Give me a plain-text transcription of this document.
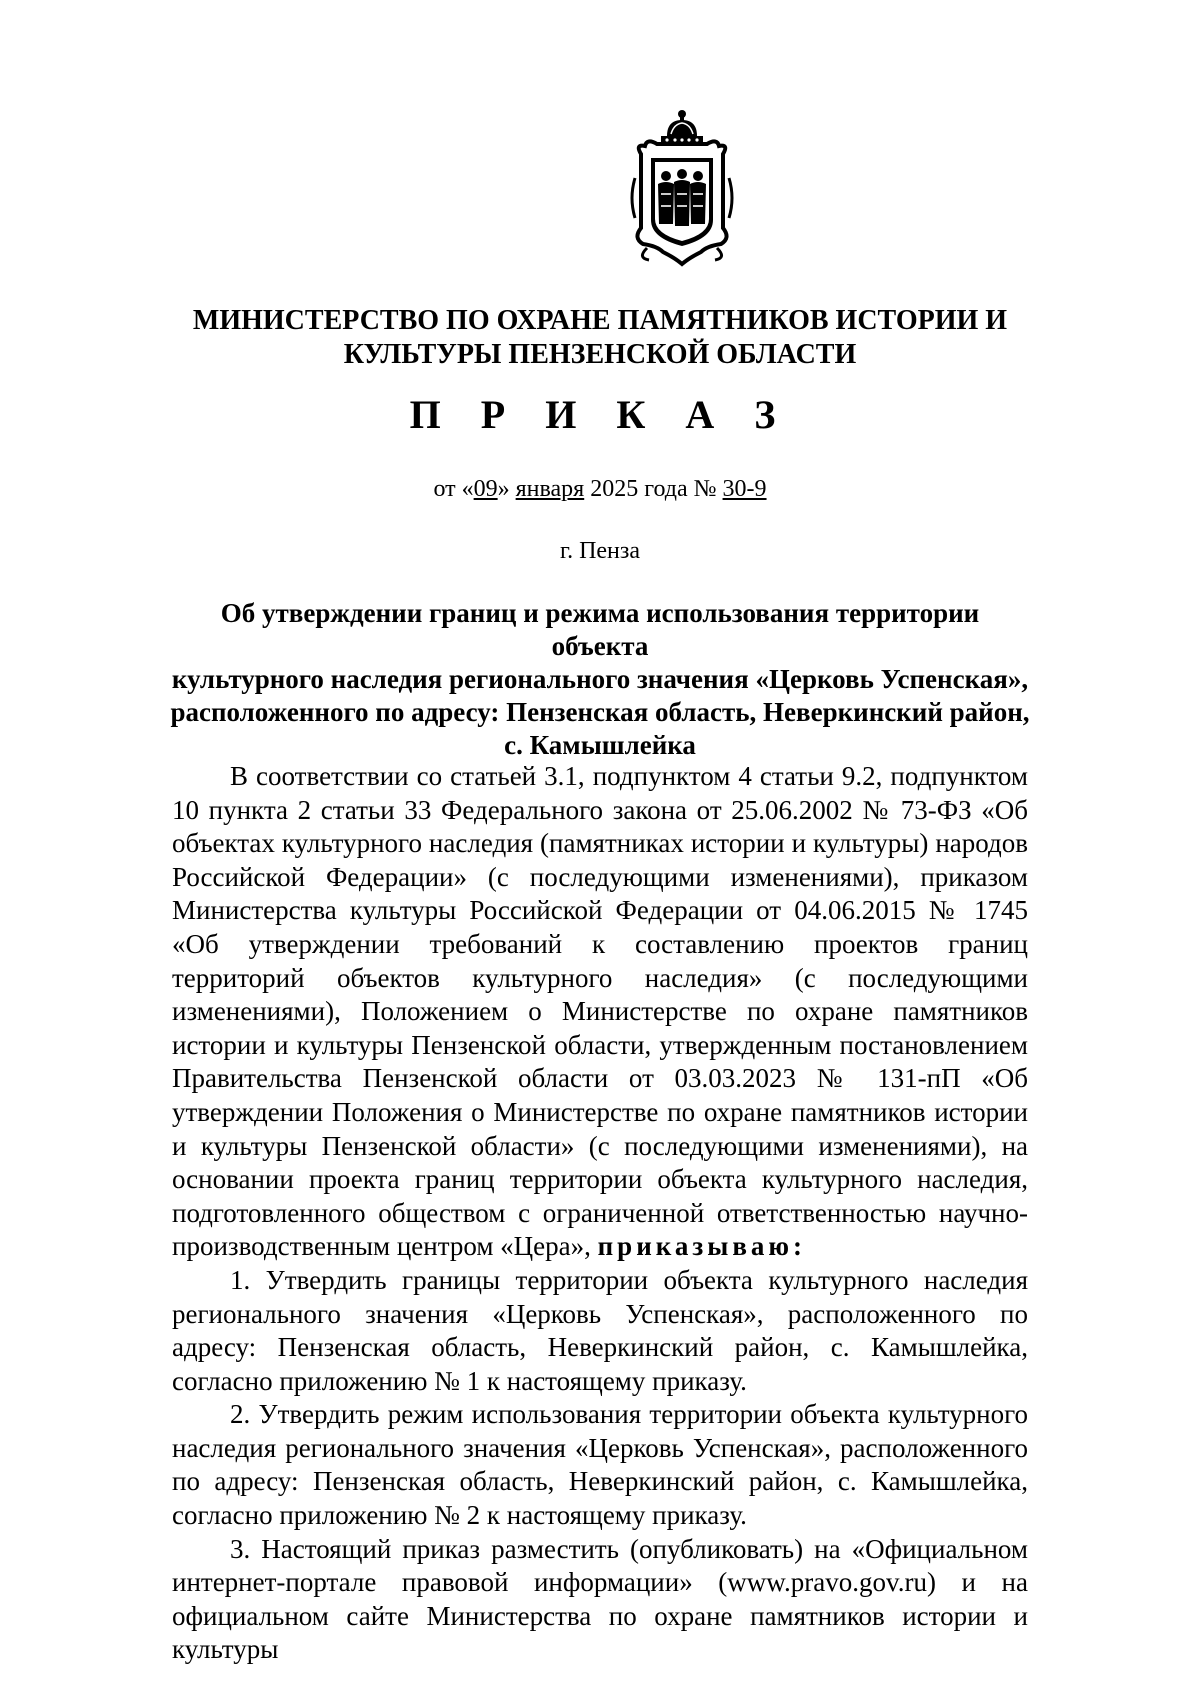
МИНИСТЕРСТВО ПО ОХРАНЕ ПАМЯТНИКОВ ИСТОРИИ И
КУЛЬТУРЫ ПЕНЗЕНСКОЙ ОБЛАСТИ
П Р И К А З
от «09» января 2025 года № 30-9
г. Пенза
Об утверждении границ и режима использования территории объекта
культурного наследия регионального значения «Церковь Успенская»,
расположенного по адресу: Пензенская область, Неверкинский район,
с. Камышлейка

В соответствии со статьей 3.1, подпунктом 4 статьи 9.2, подпунктом 10 пункта 2 статьи 33 Федерального закона от 25.06.2002 № 73-ФЗ «Об объектах культурного наследия (памятниках истории и культуры) народов Российской Федерации» (с последующими изменениями), приказом Министерства культуры Российской Федерации от 04.06.2015 № 1745 «Об утверждении требований к составлению проектов границ территорий объектов культурного наследия» (с последующими изменениями), Положением о Министерстве по охране памятников истории и культуры Пензенской области, утвержденным постановлением Правительства Пензенской области от 03.03.2023 № 131-пП «Об утверждении Положения о Министерстве по охране памятников истории и культуры Пензенской области» (с последующими изменениями), на основании проекта границ территории объекта культурного наследия, подготовленного обществом с ограниченной ответственностью научно-производственным центром «Цера», приказываю:

1. Утвердить границы территории объекта культурного наследия регионального значения «Церковь Успенская», расположенного по адресу: Пензенская область, Неверкинский район, с. Камышлейка, согласно приложению № 1 к настоящему приказу.

2. Утвердить режим использования территории объекта культурного наследия регионального значения «Церковь Успенская», расположенного по адресу: Пензенская область, Неверкинский район, с. Камышлейка, согласно приложению № 2 к настоящему приказу.

3. Настоящий приказ разместить (опубликовать) на «Официальном интернет-портале правовой информации» (www.pravo.gov.ru) и на официальном сайте Министерства по охране памятников истории и культуры
